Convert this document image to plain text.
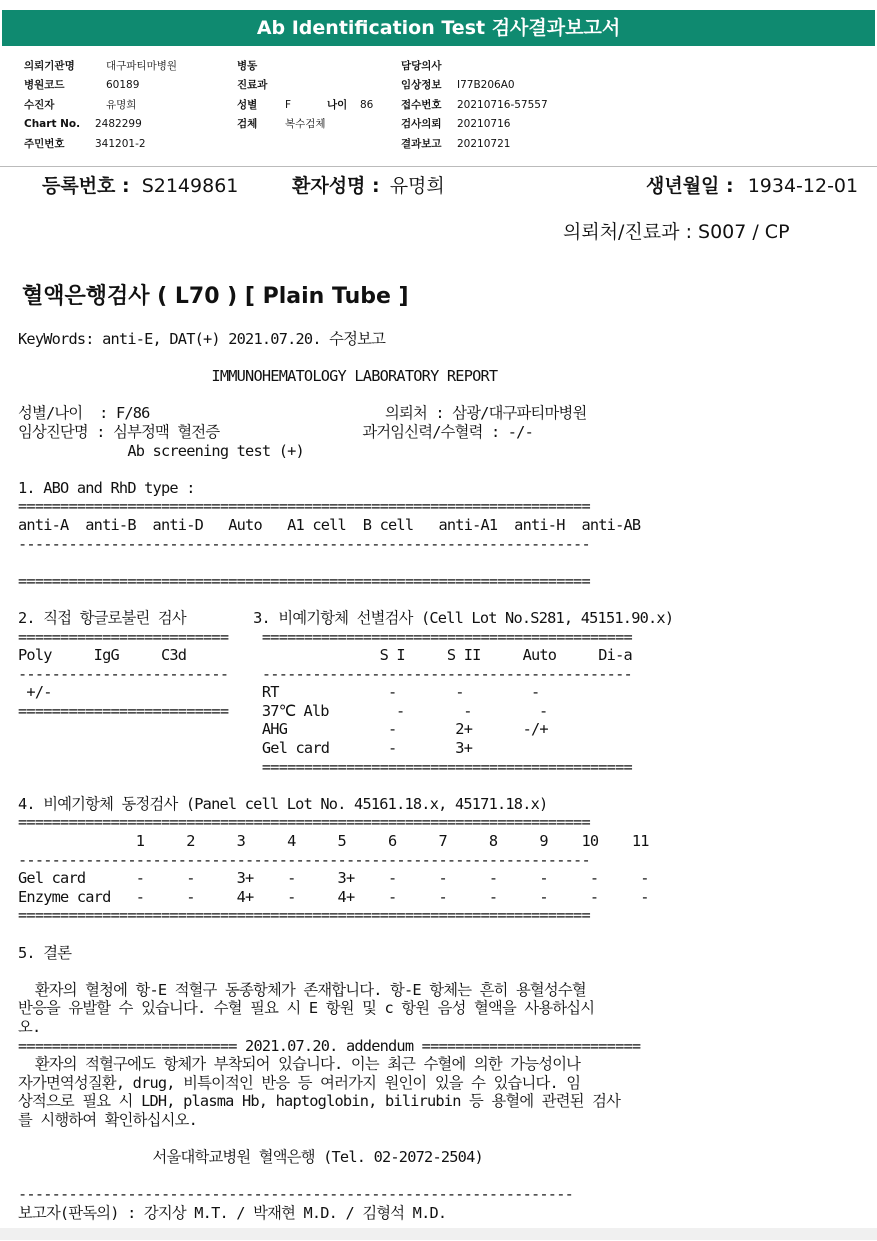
Ab Identification Test 검사결과보고서
의뢰기관명	대구파티마병원
병원코드	60189
수진자	유명희
Chart No. 2482299
주민번호	341201-2
병동
진료과
성별	F	나이 86
검체	복수검체
담당의사
임상정보 I77B206A0
접수번호 20210716-57557
검사의뢰 20210716
결과보고 20210721
등록번호 : S2149861	환자성명 : 유명희	생년월일 : 1934-12-01
의뢰처/진료과 : S007 / CP
혈액은행검사 ( L70 ) [ Plain Tube ]
KeyWords: anti-E, DAT(+) 2021.07.20. 수정보고

IMMUNOHEMATOLOGY LABORATORY REPORT

성별/나이  : F/86                            의뢰처 : 삼광/대구파티마병원
임상진단명 : 심부정맥 혈전증                 과거임신력/수혈력 : -/-
Ab screening test (+)

1. ABO and RhD type :
====================================================================
anti-A  anti-B  anti-D   Auto   A1 cell  B cell   anti-A1  anti-H  anti-AB
--------------------------------------------------------------------

====================================================================

2. 직접 항글로불린 검사        3. 비예기항체 선별검사 (Cell Lot No.S281, 45151.90.x)
=========================    ============================================
Poly     IgG     C3d                       S I     S II     Auto     Di-a
-------------------------    --------------------------------------------
+/-                         RT             -       -        -
=========================    37℃ Alb        -       -        -
AHG            -       2+      -/+
Gel card       -       3+
============================================

4. 비예기항체 동정검사 (Panel cell Lot No. 45161.18.x, 45171.18.x)
====================================================================
1     2     3     4     5     6     7     8     9    10    11
--------------------------------------------------------------------
Gel card      -     -     3+    -     3+    -     -     -     -     -     -
Enzyme card   -     -     4+    -     4+    -     -     -     -     -     -
====================================================================

5. 결론

환자의 혈청에 항-E 적혈구 동종항체가 존재합니다. 항-E 항체는 흔히 용혈성수혈
반응을 유발할 수 있습니다. 수혈 필요 시 E 항원 및 c 항원 음성 혈액을 사용하십시
오.
========================== 2021.07.20. addendum ==========================
환자의 적혈구에도 항체가 부착되어 있습니다. 이는 최근 수혈에 의한 가능성이나
자가면역성질환, drug, 비특이적인 반응 등 여러가지 원인이 있을 수 있습니다. 임
상적으로 필요 시 LDH, plasma Hb, haptoglobin, bilirubin 등 용혈에 관련된 검사
를 시행하여 확인하십시오.

서울대학교병원 혈액은행 (Tel. 02-2072-2504)

------------------------------------------------------------------
보고자(판독의) : 강지상 M.T. / 박재현 M.D. / 김형석 M.D.
